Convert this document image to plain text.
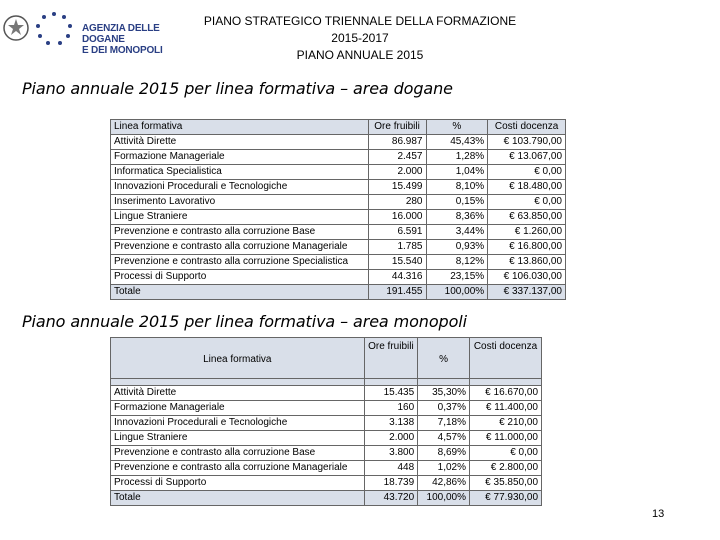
AGENZIA DELLE DOGANE
E DEI MONOPOLI
PIANO STRATEGICO TRIENNALE DELLA FORMAZIONE 2015-2017
PIANO ANNUALE 2015
Piano annuale 2015 per linea formativa – area dogane
Linea formativa	Ore fruibili	%	Costi docenza
Attività Dirette	86.987	45,43%	€ 103.790,00
Formazione Manageriale	2.457	1,28%	€ 13.067,00
Informatica Specialistica	2.000	1,04%	€ 0,00
Innovazioni Procedurali e Tecnologiche	15.499	8,10%	€ 18.480,00
Inserimento Lavorativo	280	0,15%	€ 0,00
Lingue Straniere	16.000	8,36%	€ 63.850,00
Prevenzione e contrasto alla corruzione Base	6.591	3,44%	€ 1.260,00
Prevenzione e contrasto alla corruzione Manageriale	1.785	0,93%	€ 16.800,00
Prevenzione e contrasto alla corruzione Specialistica	15.540	8,12%	€ 13.860,00
Processi di Supporto	44.316	23,15%	€ 106.030,00
Totale	191.455	100,00%	€ 337.137,00
Piano annuale 2015 per linea formativa – area monopoli
Linea formativa	Ore fruibili	%	Costi docenza

Attività Dirette	15.435	35,30%	€ 16.670,00
Formazione Manageriale	160	0,37%	€ 11.400,00
Innovazioni Procedurali e Tecnologiche	3.138	7,18%	€ 210,00
Lingue Straniere	2.000	4,57%	€ 11.000,00
Prevenzione e contrasto alla corruzione Base	3.800	8,69%	€ 0,00
Prevenzione e contrasto alla corruzione Manageriale	448	1,02%	€ 2.800,00
Processi di Supporto	18.739	42,86%	€ 35.850,00
Totale	43.720	100,00%	€ 77.930,00
13
